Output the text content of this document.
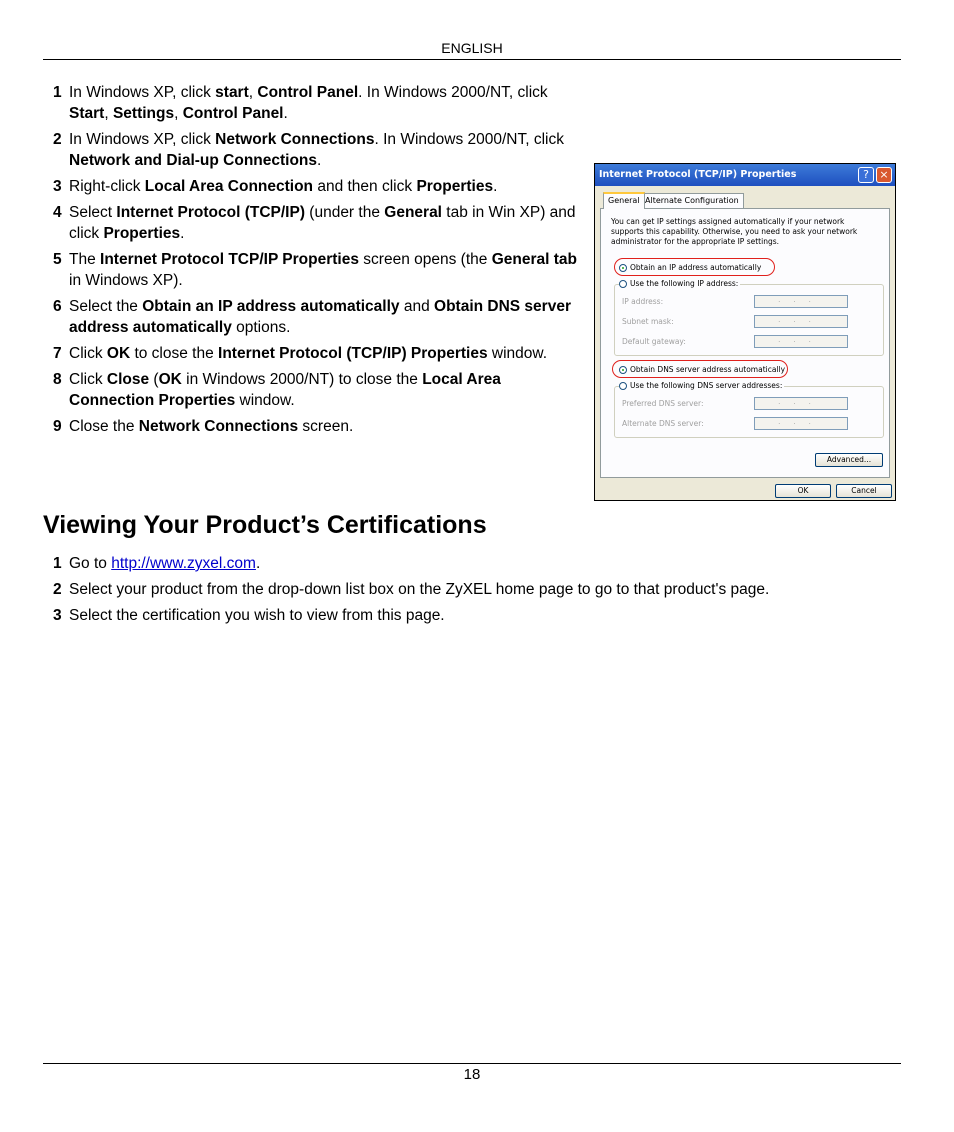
ENGLISH
1 In Windows XP, click start, Control Panel. In Windows 2000/NT, click Start, Settings, Control Panel.
2 In Windows XP, click Network Connections. In Windows 2000/NT, click Network and Dial-up Connections.
3 Right-click Local Area Connection and then click Properties.
4 Select Internet Protocol (TCP/IP) (under the General tab in Win XP) and click Properties.
5 The Internet Protocol TCP/IP Properties screen opens (the General tab in Windows XP).
6 Select the Obtain an IP address automatically and Obtain DNS server address automatically options.
7 Click OK to close the Internet Protocol (TCP/IP) Properties window.
8 Click Close (OK in Windows 2000/NT) to close the Local Area Connection Properties window.
9 Close the Network Connections screen.
Internet Protocol (TCP/IP) Properties	? ×
General Alternate Configuration
You can get IP settings assigned automatically if your network supports this capability. Otherwise, you need to ask your network administrator for the appropriate IP settings.
Obtain an IP address automatically
Use the following IP address:
IP address:	...
Subnet mask:	...
Default gateway:	...
Obtain DNS server address automatically
Use the following DNS server addresses:
Preferred DNS server:	...
Alternate DNS server:	...
Advanced...
OK	Cancel
Viewing Your Product’s Certifications
1 Go to http://www.zyxel.com.
2 Select your product from the drop-down list box on the ZyXEL home page to go to that product's page.
3 Select the certification you wish to view from this page.
18
